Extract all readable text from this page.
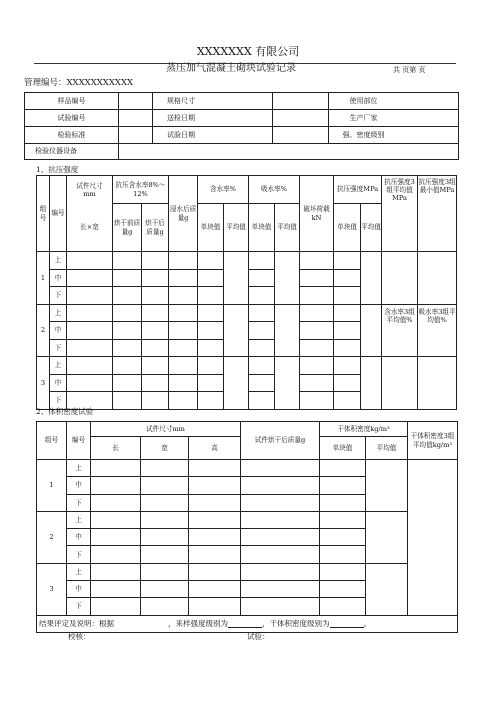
XXXXXXX 有限公司
蒸压加气混凝土砌块试验记录	共 页第 页
管理编号：XXXXXXXXXXX
样品编号		规格尺寸		使用部位
试验编号		送检日期		生产厂家
检验标准		试验日期		强、密度级别
检验仪器设备				
1、抗压强度
组号	编号	试件尺寸mm	抗压含水率8%～12%		浸水后质量g	含水率%		吸水率%		破坏荷载kN	抗压强度MPa		抗压强度3组平均值MPa	抗压强度3组最小值MPa
		长×宽	烘干前质量g	烘干后质量g		单块值	平均值	单块值	平均值		单块值	平均值		
1	上													
	中													
	下													
2	上												含水率3组平均值%	吸水率3组平均值%
	中													
	下													
3	上													
	中													
	下													
2、体积密度试验
组号	编号	试件尺寸mm			试件烘干后质量g	干体积密度kg/m³		干体积密度3组平均值kg/m³
		长	宽	高		单块值	平均值	
1	上							
	中							
	下							
2	上							
	中							
	下							
3	上							
	中							
	下							
结果评定及说明：根据 ，来样强度级别为 ，干体积密度级别为 。								
校核：	试验：
